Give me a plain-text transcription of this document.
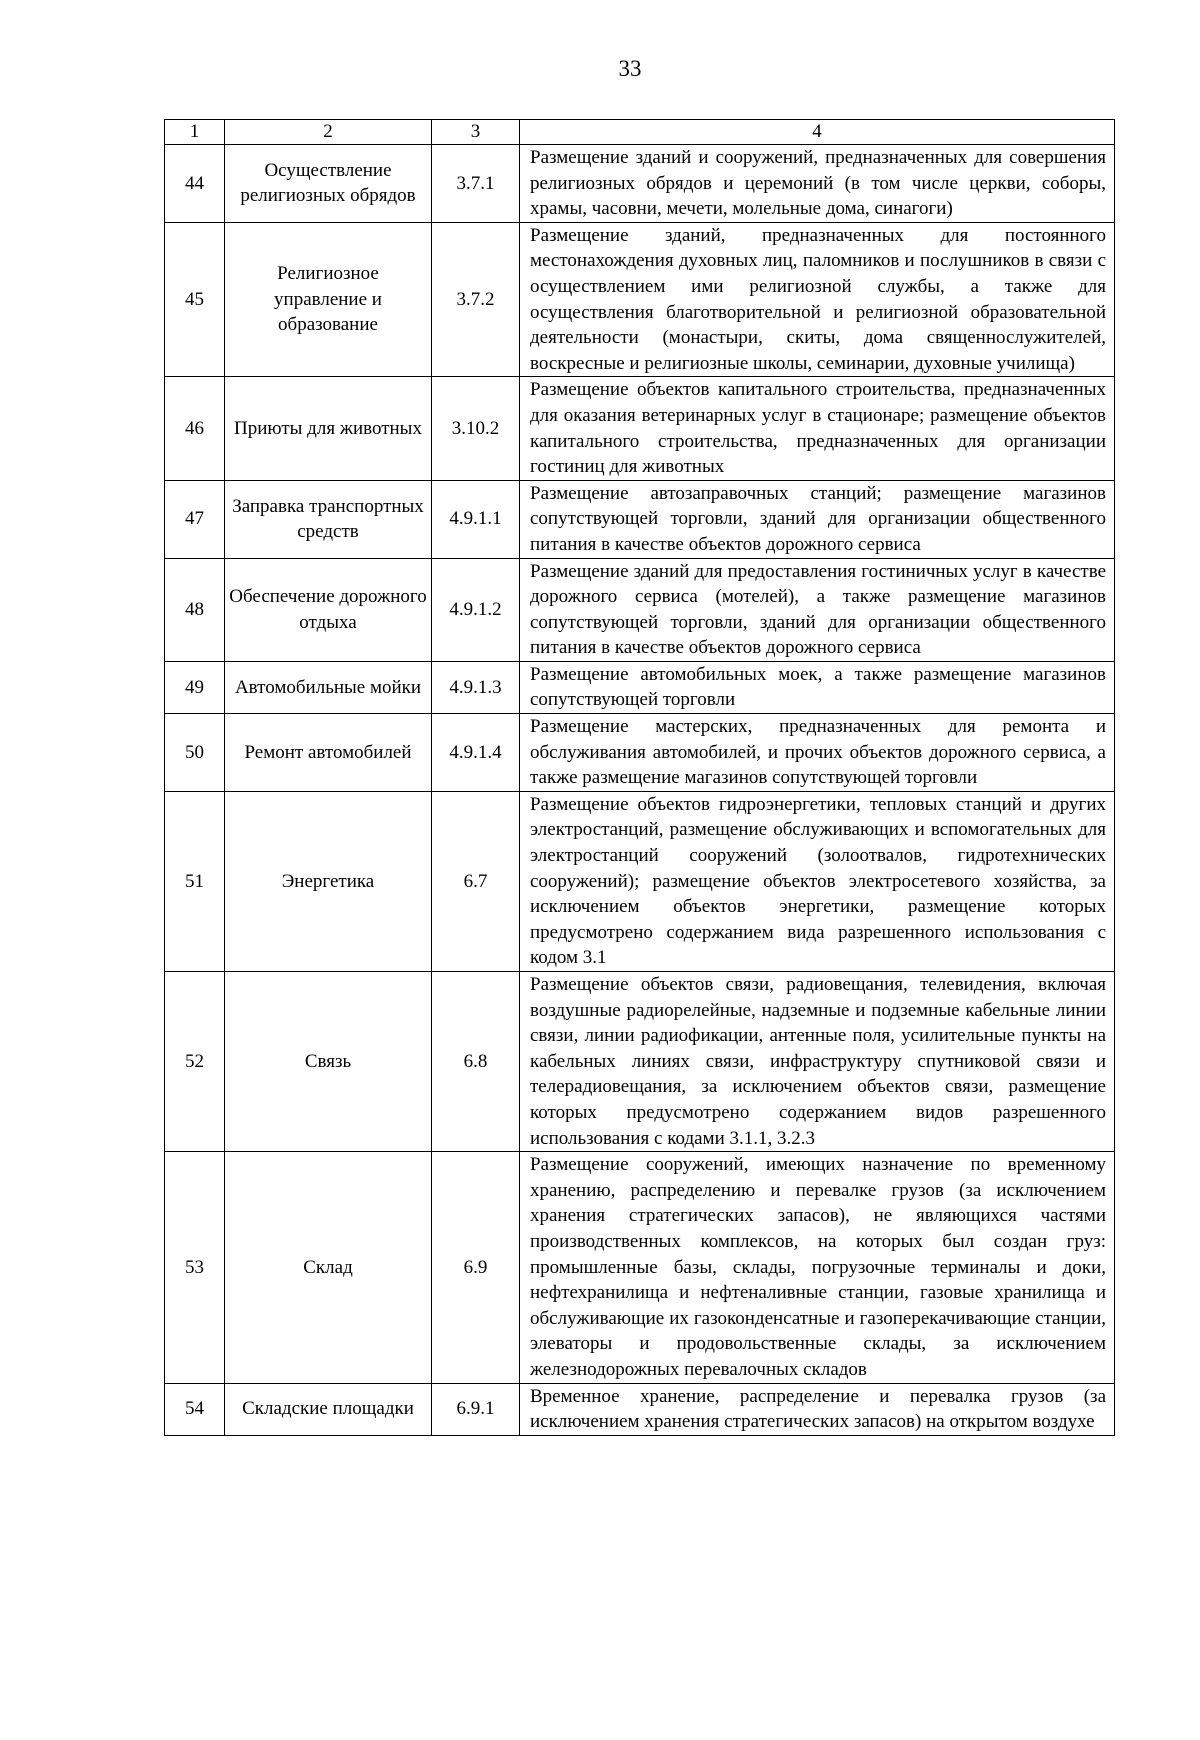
33
1	2	3	4
44	Осуществление религиозных обрядов	3.7.1	Размещение зданий и сооружений, предназначенных для совершения религиозных обрядов и церемоний (в том числе церкви, соборы, храмы, часовни, мечети, молельные дома, синагоги)
45	Религиозное управление и образование	3.7.2	Размещение зданий, предназначенных для постоянного местонахождения духовных лиц, паломников и послушников в связи с осуществлением ими религиозной службы, а также для осуществления благотворительной и религиозной образовательной деятельности (монастыри, скиты, дома священнослужителей, воскресные и религиозные школы, семинарии, духовные училища)
46	Приюты для животных	3.10.2	Размещение объектов капитального строительства, предназначенных для оказания ветеринарных услуг в стационаре; размещение объектов капитального строительства, предназначенных для организации гостиниц для животных
47	Заправка транспортных средств	4.9.1.1	Размещение автозаправочных станций; размещение магазинов сопутствующей торговли, зданий для организации общественного питания в качестве объектов дорожного сервиса
48	Обеспечение дорожного отдыха	4.9.1.2	Размещение зданий для предоставления гостиничных услуг в качестве дорожного сервиса (мотелей), а также размещение магазинов сопутствующей торговли, зданий для организации общественного питания в качестве объектов дорожного сервиса
49	Автомобильные мойки	4.9.1.3	Размещение автомобильных моек, а также размещение магазинов сопутствующей торговли
50	Ремонт автомобилей	4.9.1.4	Размещение мастерских, предназначенных для ремонта и обслуживания автомобилей, и прочих объектов дорожного сервиса, а также размещение магазинов сопутствующей торговли
51	Энергетика	6.7	Размещение объектов гидроэнергетики, тепловых станций и других электростанций, размещение обслуживающих и вспомогательных для электростанций сооружений (золоотвалов, гидротехнических сооружений); размещение объектов электросетевого хозяйства, за исключением объектов энергетики, размещение которых предусмотрено содержанием вида разрешенного использования с кодом 3.1
52	Связь	6.8	Размещение объектов связи, радиовещания, телевидения, включая воздушные радиорелейные, надземные и подземные кабельные линии связи, линии радиофикации, антенные поля, усилительные пункты на кабельных линиях связи, инфраструктуру спутниковой связи и телерадиовещания, за исключением объектов связи, размещение которых предусмотрено содержанием видов разрешенного использования с кодами 3.1.1, 3.2.3
53	Склад	6.9	Размещение сооружений, имеющих назначение по временному хранению, распределению и перевалке грузов (за исключением хранения стратегических запасов), не являющихся частями производственных комплексов, на которых был создан груз: промышленные базы, склады, погрузочные терминалы и доки, нефтехранилища и нефтеналивные станции, газовые хранилища и обслуживающие их газоконденсатные и газоперекачивающие станции, элеваторы и продовольственные склады, за исключением железнодорожных перевалочных складов
54	Складские площадки	6.9.1	Временное хранение, распределение и перевалка грузов (за исключением хранения стратегических запасов) на открытом воздухе
